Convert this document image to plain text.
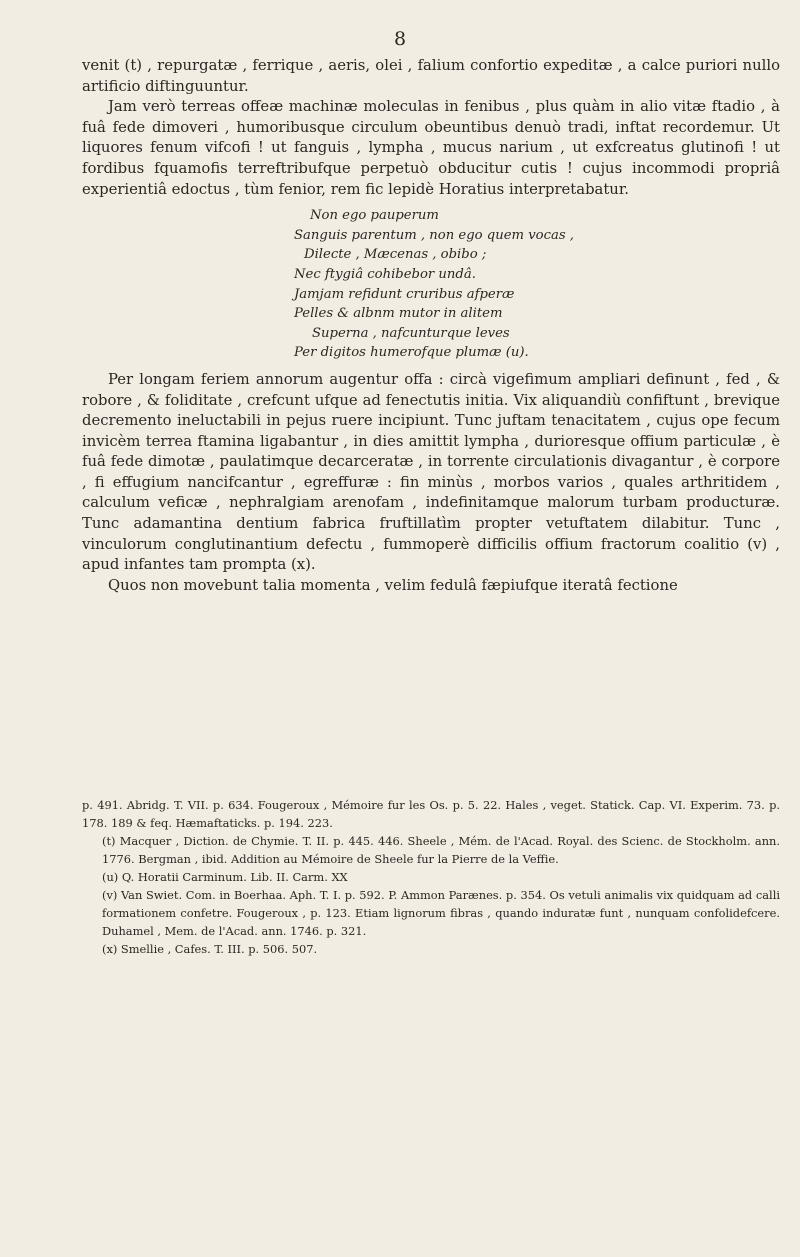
8

venit (t) , repurgatæ , ferrique , aeris, olei , falium confortio expeditæ , a calce puriori nullo artificio diftinguuntur.

Jam verò terreas offeæ machinæ moleculas in fenibus , plus quàm in alio vitæ ftadio , à fuâ fede dimoveri , humoribusque circulum obeuntibus denuò tradi, inftat recordemur. Ut liquores fenum vifcofi ! ut fanguis , lympha , mucus narium , ut exfcreatus glutinofi ! ut fordibus fquamofis terreftribufque perpetuò obducitur cutis ! cujus incommodi propriâ experientiâ edoctus , tùm fenior, rem fic lepidè Horatius interpretabatur.

Non ego pauperum
Sanguis parentum , non ego quem vocas ,
Dilecte , Mæcenas , obibo ;
Nec ftygiâ cohibebor undâ.
Jamjam refidunt cruribus afperæ
Pelles & albnm mutor in alitem
Superna , nafcunturque leves
Per digitos humerofque plumæ (u).

Per longam feriem annorum augentur offa : circà vigefimum ampliari definunt , fed , & robore , & foliditate , crefcunt ufque ad fenectutis initia. Vix aliquandiù confiftunt , brevique decremento ineluctabili in pejus ruere incipiunt. Tunc juftam tenacitatem , cujus ope fecum invicèm terrea ftamina ligabantur , in dies amittit lympha , durioresque offium particulæ , è fuâ fede dimotæ , paulatimque decarceratæ , in torrente circulationis divagantur , è corpore , fi effugium nancifcantur , egreffuræ : fin minùs , morbos varios , quales arthritidem , calculum veficæ , nephralgiam arenofam , indefinitamque malorum turbam producturæ. Tunc adamantina dentium fabrica fruftillatìm propter vetuftatem dilabitur. Tunc , vinculorum conglutinantium defectu , fummoperè difficilis offium fractorum coalitio (v) , apud infantes tam prompta (x).

Quos non movebunt talia momenta , velim fedulâ fæpiufque iteratâ fectione

p. 491. Abridg. T. VII. p. 634. Fougeroux , Mémoire fur les Os. p. 5. 22. Hales , veget. Statick. Cap. VI. Experim. 73. p. 178. 189 & feq. Hæmaftaticks. p. 194. 223.

(t) Macquer , Diction. de Chymie. T. II. p. 445. 446. Sheele , Mém. de l'Acad. Royal. des Scienc. de Stockholm. ann. 1776. Bergman , ibid. Addition au Mémoire de Sheele fur la Pierre de la Veffie.

(u) Q. Horatii Carminum. Lib. II. Carm. XX

(v) Van Swiet. Com. in Boerhaa. Aph. T. I. p. 592. P. Ammon Parænes. p. 354. Os vetuli animalis vix quidquam ad calli formationem confetre. Fougeroux , p. 123. Etiam lignorum fibras , quando induratæ funt , nunquam confolidefcere. Duhamel , Mem. de l'Acad. ann. 1746. p. 321.

(x) Smellie , Cafes. T. III. p. 506. 507.
